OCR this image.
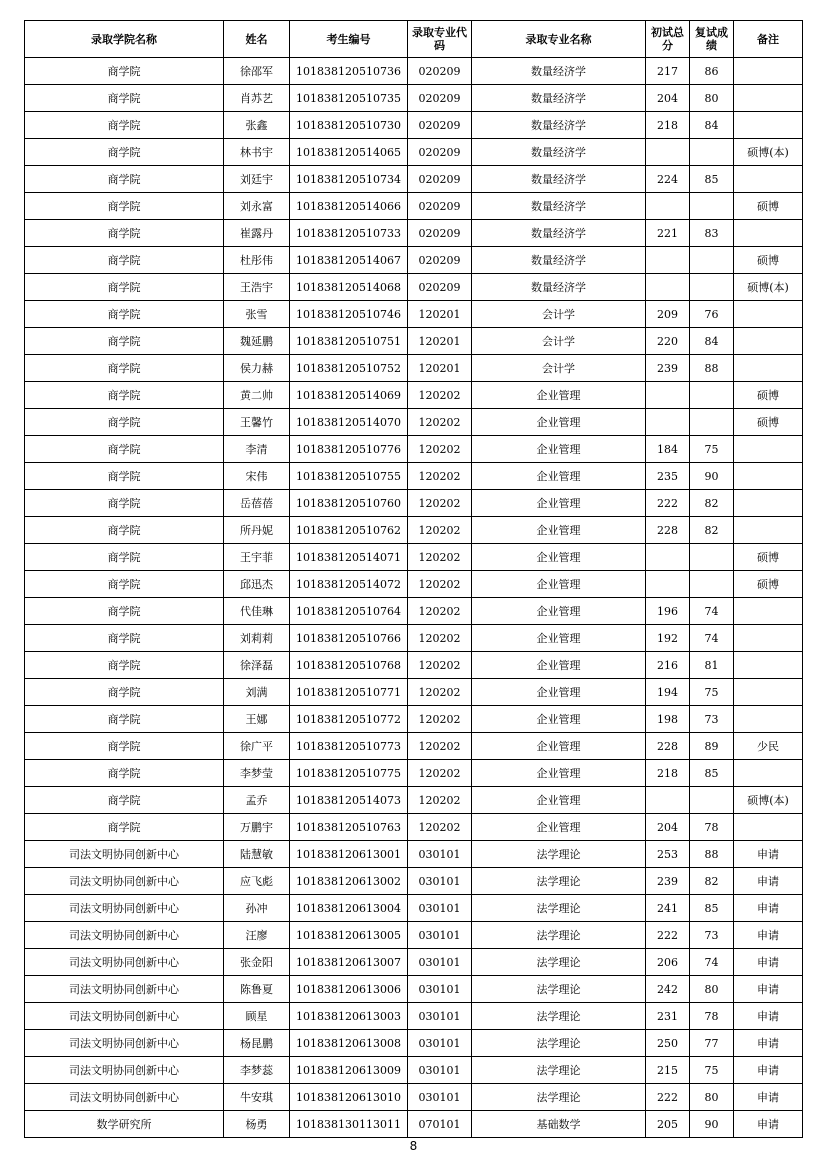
录取学院名称	姓名	考生编号	录取专业代码	录取专业名称	初试总分	复试成绩	备注
商学院	徐邵军	101838120510736	020209	数量经济学	217	86	
商学院	肖苏艺	101838120510735	020209	数量经济学	204	80	
商学院	张鑫	101838120510730	020209	数量经济学	218	84	
商学院	林书宇	101838120514065	020209	数量经济学			硕博(本)
商学院	刘廷宇	101838120510734	020209	数量经济学	224	85	
商学院	刘永富	101838120514066	020209	数量经济学			硕博
商学院	崔露丹	101838120510733	020209	数量经济学	221	83	
商学院	杜彤伟	101838120514067	020209	数量经济学			硕博
商学院	王浩宇	101838120514068	020209	数量经济学			硕博(本)
商学院	张雪	101838120510746	120201	会计学	209	76	
商学院	魏延鹏	101838120510751	120201	会计学	220	84	
商学院	侯力赫	101838120510752	120201	会计学	239	88	
商学院	黄二帅	101838120514069	120202	企业管理			硕博
商学院	王馨竹	101838120514070	120202	企业管理			硕博
商学院	李清	101838120510776	120202	企业管理	184	75	
商学院	宋伟	101838120510755	120202	企业管理	235	90	
商学院	岳蓓蓓	101838120510760	120202	企业管理	222	82	
商学院	所丹妮	101838120510762	120202	企业管理	228	82	
商学院	王宇菲	101838120514071	120202	企业管理			硕博
商学院	邱迅杰	101838120514072	120202	企业管理			硕博
商学院	代佳琳	101838120510764	120202	企业管理	196	74	
商学院	刘莉莉	101838120510766	120202	企业管理	192	74	
商学院	徐泽磊	101838120510768	120202	企业管理	216	81	
商学院	刘满	101838120510771	120202	企业管理	194	75	
商学院	王娜	101838120510772	120202	企业管理	198	73	
商学院	徐广平	101838120510773	120202	企业管理	228	89	少民
商学院	李梦莹	101838120510775	120202	企业管理	218	85	
商学院	孟乔	101838120514073	120202	企业管理			硕博(本)
商学院	万鹏宇	101838120510763	120202	企业管理	204	78	
司法文明协同创新中心	陆慧敏	101838120613001	030101	法学理论	253	88	申请
司法文明协同创新中心	应飞彪	101838120613002	030101	法学理论	239	82	申请
司法文明协同创新中心	孙冲	101838120613004	030101	法学理论	241	85	申请
司法文明协同创新中心	汪廖	101838120613005	030101	法学理论	222	73	申请
司法文明协同创新中心	张金阳	101838120613007	030101	法学理论	206	74	申请
司法文明协同创新中心	陈鲁夏	101838120613006	030101	法学理论	242	80	申请
司法文明协同创新中心	顾星	101838120613003	030101	法学理论	231	78	申请
司法文明协同创新中心	杨昆鹏	101838120613008	030101	法学理论	250	77	申请
司法文明协同创新中心	李梦蕊	101838120613009	030101	法学理论	215	75	申请
司法文明协同创新中心	牛安琪	101838120613010	030101	法学理论	222	80	申请
数学研究所	杨勇	101838130113011	070101	基础数学	205	90	申请
8
